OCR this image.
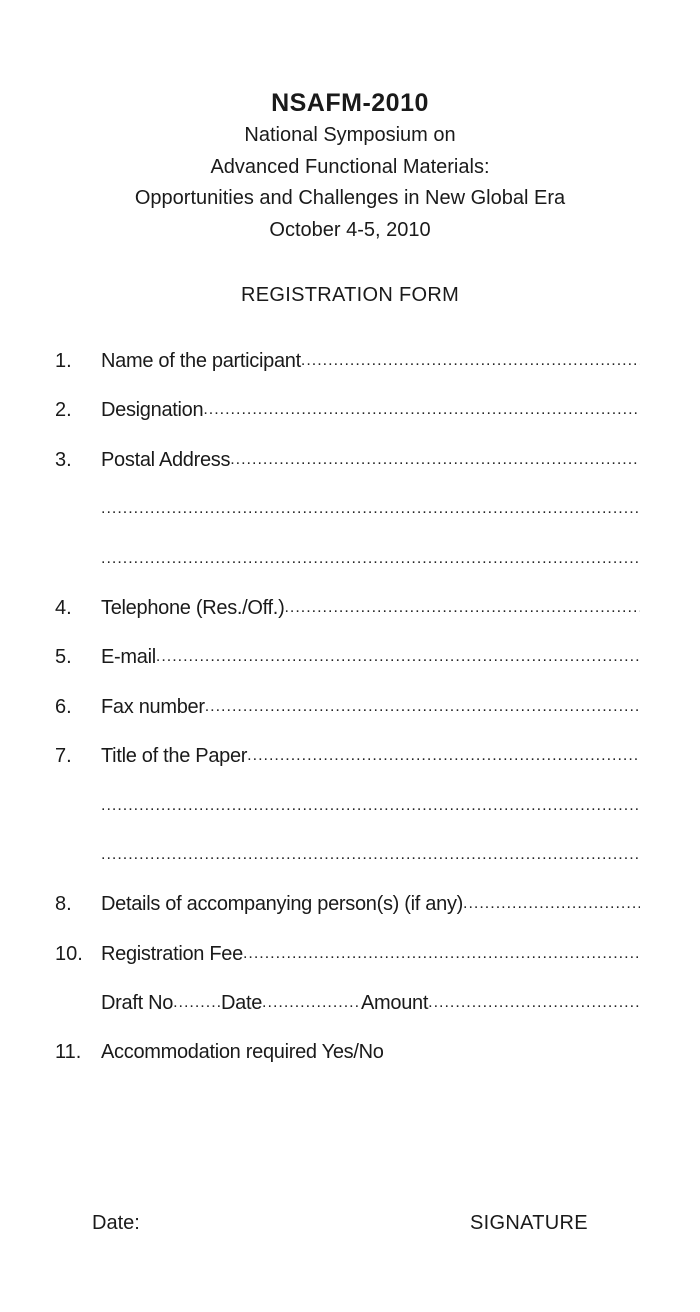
NSAFM-2010

National Symposium on

Advanced Functional Materials:

Opportunities and Challenges in New Global Era

October 4-5, 2010

REGISTRATION FORM
1.	Name of the participant
.....
2.	Designation
.....
3.	Postal Address
.....
.....
.....
4.	Telephone (Res./Off.)
.....
5.	E-mail
.....
6.	Fax number
.....
7.	Title of the Paper
.....
.....
.....
8.	Details of accompanying person(s) (if any)
.....
10. Registration Fee
.....
Draft No ..... Date .....	Amount
.....
11. Accommodation required Yes/No
Date:	SIGNATURE
